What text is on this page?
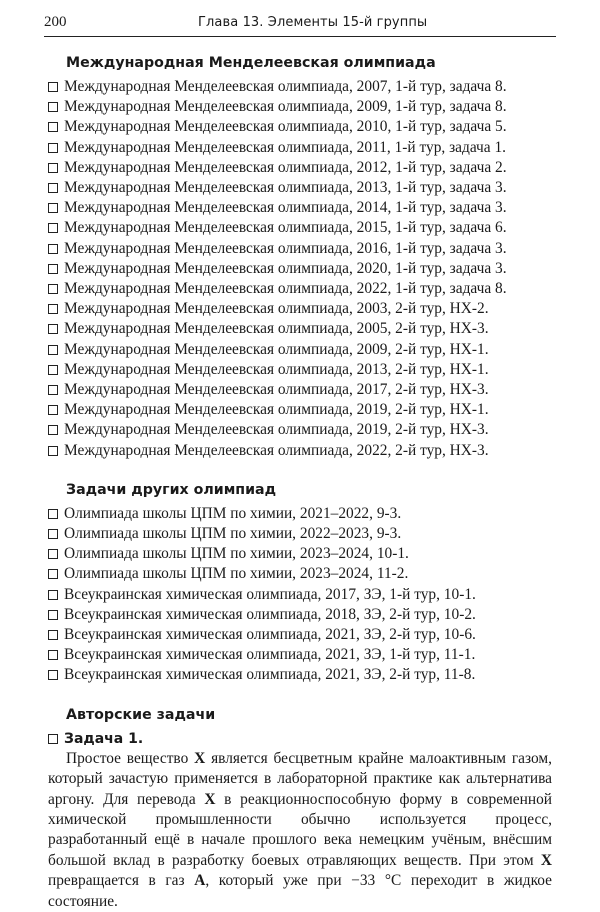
200	Глава 13. Элементы 15-й группы
Международная Менделеевская олимпиада
Международная Менделеевская олимпиада, 2007, 1-й тур, задача 8.
Международная Менделеевская олимпиада, 2009, 1-й тур, задача 8.
Международная Менделеевская олимпиада, 2010, 1-й тур, задача 5.
Международная Менделеевская олимпиада, 2011, 1-й тур, задача 1.
Международная Менделеевская олимпиада, 2012, 1-й тур, задача 2.
Международная Менделеевская олимпиада, 2013, 1-й тур, задача 3.
Международная Менделеевская олимпиада, 2014, 1-й тур, задача 3.
Международная Менделеевская олимпиада, 2015, 1-й тур, задача 6.
Международная Менделеевская олимпиада, 2016, 1-й тур, задача 3.
Международная Менделеевская олимпиада, 2020, 1-й тур, задача 3.
Международная Менделеевская олимпиада, 2022, 1-й тур, задача 8.
Международная Менделеевская олимпиада, 2003, 2-й тур, НХ-2.
Международная Менделеевская олимпиада, 2005, 2-й тур, НХ-3.
Международная Менделеевская олимпиада, 2009, 2-й тур, НХ-1.
Международная Менделеевская олимпиада, 2013, 2-й тур, НХ-1.
Международная Менделеевская олимпиада, 2017, 2-й тур, НХ-3.
Международная Менделеевская олимпиада, 2019, 2-й тур, НХ-1.
Международная Менделеевская олимпиада, 2019, 2-й тур, НХ-3.
Международная Менделеевская олимпиада, 2022, 2-й тур, НХ-3.
Задачи других олимпиад
Олимпиада школы ЦПМ по химии, 2021–2022, 9-3.
Олимпиада школы ЦПМ по химии, 2022–2023, 9-3.
Олимпиада школы ЦПМ по химии, 2023–2024, 10-1.
Олимпиада школы ЦПМ по химии, 2023–2024, 11-2.
Всеукраинская химическая олимпиада, 2017, ЗЭ, 1-й тур, 10-1.
Всеукраинская химическая олимпиада, 2018, ЗЭ, 2-й тур, 10-2.
Всеукраинская химическая олимпиада, 2021, ЗЭ, 2-й тур, 10-6.
Всеукраинская химическая олимпиада, 2021, ЗЭ, 1-й тур, 11-1.
Всеукраинская химическая олимпиада, 2021, ЗЭ, 2-й тур, 11-8.
Авторские задачи
Задача 1.

Простое вещество X является бесцветным крайне малоактивным газом, который зачастую применяется в лабораторной практике как альтернатива аргону. Для перевода X в реакционноспособную форму в современной химической промышленности обычно используется процесс, разработанный ещё в начале прошлого века немецким учёным, внёсшим большой вклад в разработку боевых отравляющих веществ. При этом X превращается в газ А, который уже при −33 °С переходит в жидкое состояние.
